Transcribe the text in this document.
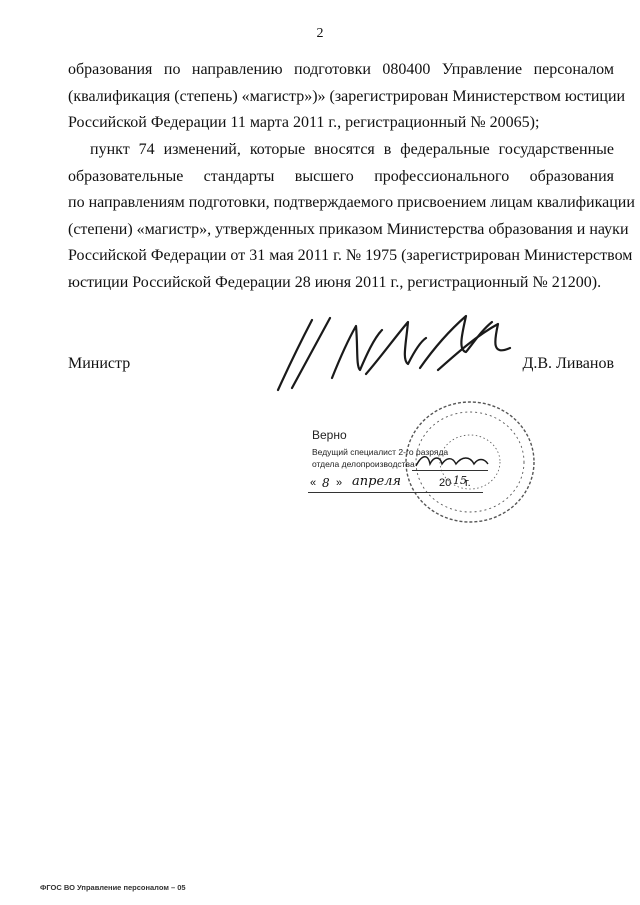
2
образования по направлению подготовки 080400 Управление персоналом
(квалификация (степень) «магистр»)» (зарегистрирован Министерством юстиции
Российской Федерации 11 марта 2011 г., регистрационный № 20065);
пункт 74 изменений, которые вносятся в федеральные государственные
образовательные стандарты высшего профессионального образования
по направлениям подготовки, подтверждаемого присвоением лицам квалификации
(степени) «магистр», утвержденных приказом Министерства образования и науки
Российской Федерации от 31 мая 2011 г. № 1975 (зарегистрирован Министерством
юстиции Российской Федерации 28 июня 2011 г., регистрационный № 21200).
Министр	Д.В. Ливанов
Верно
Ведущий специалист 2-го разряда
отдела делопроизводства
« 8 » апреля	20 15
г.
ФГОС ВО Управление персоналом – 05
